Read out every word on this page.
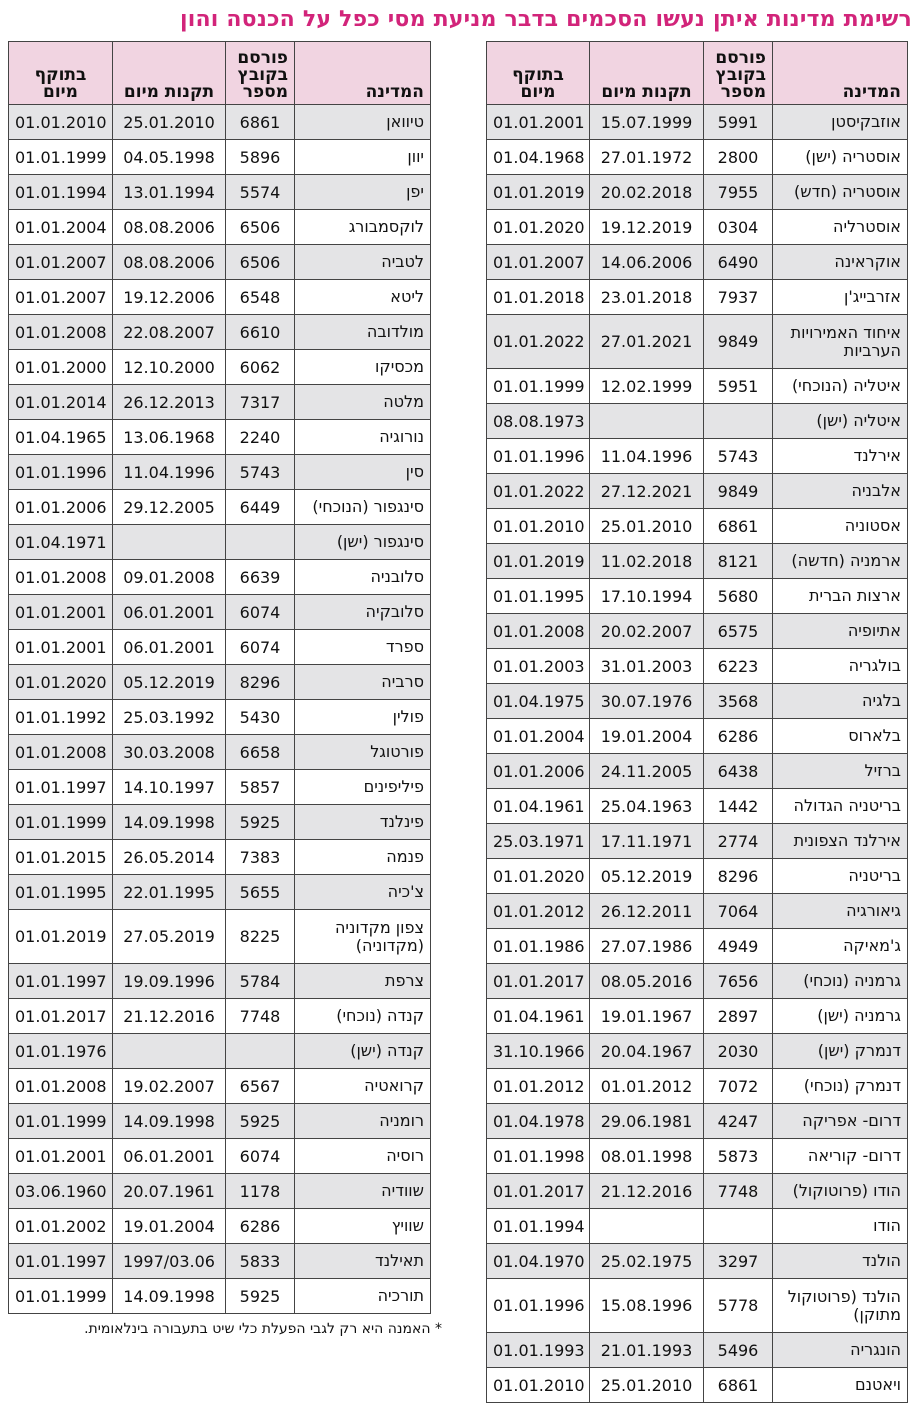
רשימת מדינות איתן נעשו הסכמים בדבר מניעת מסי כפל על הכנסה והון
המדינה	פורסם בקובץ מספר	תקנות מיום	בתוקף מיום
אוזבקיסטן	5991	15.07.1999	01.01.2001
אוסטריה (ישן)	2800	27.01.1972	01.04.1968
אוסטריה (חדש)	7955	20.02.2018	01.01.2019
אוסטרליה	0304	19.12.2019	01.01.2020
אוקראינה	6490	14.06.2006	01.01.2007
אזרבייג'ן	7937	23.01.2018	01.01.2018
איחוד האמירויות הערביות	9849	27.01.2021	01.01.2022
איטליה (הנוכחי)	5951	12.02.1999	01.01.1999
איטליה (ישן)			08.08.1973
אירלנד	5743	11.04.1996	01.01.1996
אלבניה	9849	27.12.2021	01.01.2022
אסטוניה	6861	25.01.2010	01.01.2010
ארמניה (חדשה)	8121	11.02.2018	01.01.2019
ארצות הברית	5680	17.10.1994	01.01.1995
אתיופיה	6575	20.02.2007	01.01.2008
בולגריה	6223	31.01.2003	01.01.2003
בלגיה	3568	30.07.1976	01.04.1975
בלארוס	6286	19.01.2004	01.01.2004
ברזיל	6438	24.11.2005	01.01.2006
בריטניה הגדולה	1442	25.04.1963	01.04.1961
אירלנד הצפונית	2774	17.11.1971	25.03.1971
בריטניה	8296	05.12.2019	01.01.2020
גיאורגיה	7064	26.12.2011	01.01.2012
ג'מאיקה	4949	27.07.1986	01.01.1986
גרמניה (נוכחי)	7656	08.05.2016	01.01.2017
גרמניה (ישן)	2897	19.01.1967	01.04.1961
דנמרק (ישן)	2030	20.04.1967	31.10.1966
דנמרק (נוכחי)	7072	01.01.2012	01.01.2012
דרום- אפריקה	4247	29.06.1981	01.04.1978
דרום- קוריאה	5873	08.01.1998	01.01.1998
הודו (פרוטוקול)	7748	21.12.2016	01.01.2017
הודו			01.01.1994
הולנד	3297	25.02.1975	01.04.1970
הולנד (פרוטוקול מתוקן)	5778	15.08.1996	01.01.1996
הונגריה	5496	21.01.1993	01.01.1993
ויאטנם	6861	25.01.2010	01.01.2010
המדינה	פורסם בקובץ מספר	תקנות מיום	בתוקף מיום
טיוואן	6861	25.01.2010	01.01.2010
יוון	5896	04.05.1998	01.01.1999
יפן	5574	13.01.1994	01.01.1994
לוקסמבורג	6506	08.08.2006	01.01.2004
לטביה	6506	08.08.2006	01.01.2007
ליטא	6548	19.12.2006	01.01.2007
מולדובה	6610	22.08.2007	01.01.2008
מכסיקו	6062	12.10.2000	01.01.2000
מלטה	7317	26.12.2013	01.01.2014
נורוגיה	2240	13.06.1968	01.04.1965
סין	5743	11.04.1996	01.01.1996
סינגפור (הנוכחי)	6449	29.12.2005	01.01.2006
סינגפור (ישן)			01.04.1971
סלובניה	6639	09.01.2008	01.01.2008
סלובקיה	6074	06.01.2001	01.01.2001
ספרד	6074	06.01.2001	01.01.2001
סרביה	8296	05.12.2019	01.01.2020
פולין	5430	25.03.1992	01.01.1992
פורטוגל	6658	30.03.2008	01.01.2008
פיליפינים	5857	14.10.1997	01.01.1997
פינלנד	5925	14.09.1998	01.01.1999
פנמה	7383	26.05.2014	01.01.2015
צ'כיה	5655	22.01.1995	01.01.1995
צפון מקדוניה (מקדוניה)	8225	27.05.2019	01.01.2019
צרפת	5784	19.09.1996	01.01.1997
קנדה (נוכחי)	7748	21.12.2016	01.01.2017
קנדה (ישן)			01.01.1976
קרואטיה	6567	19.02.2007	01.01.2008
רומניה	5925	14.09.1998	01.01.1999
רוסיה	6074	06.01.2001	01.01.2001
שוודיה	1178	20.07.1961	03.06.1960
שוויץ	6286	19.01.2004	01.01.2002
תאילנד	5833	1997/03.06	01.01.1997
תורכיה	5925	14.09.1998	01.01.1999
* האמנה היא רק לגבי הפעלת כלי שיט בתעבורה בינלאומית.
